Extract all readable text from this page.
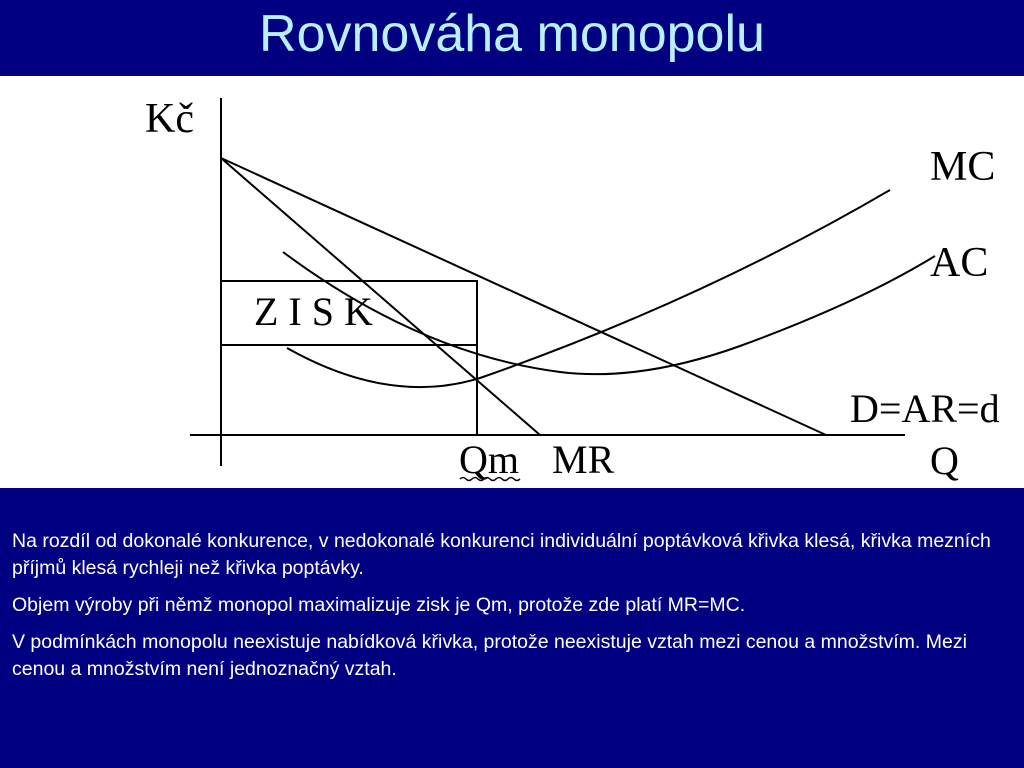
Rovnováha monopolu
Kč
Q
Z I S K
MC
AC
D=AR=d
Qm MR

Na rozdíl od dokonalé konkurence, v nedokonalé konkurenci individuální poptávková křivka klesá, křivka mezních příjmů klesá rychleji než křivka poptávky.

Objem výroby při němž monopol maximalizuje zisk je Qm, protože zde platí MR=MC.

V podmínkách monopolu neexistuje nabídková křivka, protože neexistuje vztah mezi cenou a množstvím. Mezi cenou a množstvím není jednoznačný vztah.
